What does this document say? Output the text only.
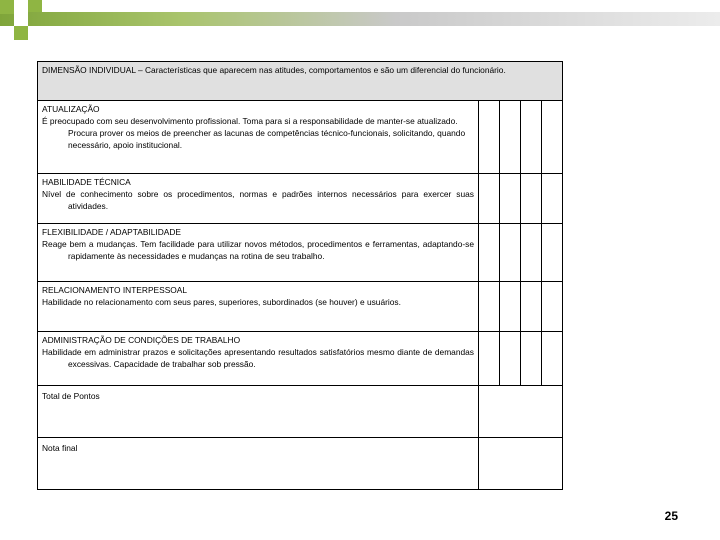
DIMENSÃO INDIVIDUAL – Características que aparecem nas atitudes, comportamentos e são um diferencial do funcionário.				

ATUALIZAÇÃO
É preocupado com seu desenvolvimento profissional. Toma para si a responsabilidade de manter-se atualizado. Procura prover os meios de preencher as lacunas de competências técnico-funcionais, solicitando, quando necessário, apoio institucional.				

HABILIDADE TÉCNICA
Nível de conhecimento sobre os procedimentos, normas e padrões internos necessários para exercer suas atividades.				

FLEXIBILIDADE / ADAPTABILIDADE
Reage bem a mudanças. Tem facilidade para utilizar novos métodos, procedimentos e ferramentas, adaptando-se rapidamente às necessidades e mudanças na rotina de seu trabalho.				

RELACIONAMENTO INTERPESSOAL
Habilidade no relacionamento com seus pares, superiores, subordinados (se houver) e usuários.				

ADMINISTRAÇÃO DE CONDIÇÕES DE TRABALHO
Habilidade em administrar prazos e solicitações apresentando resultados satisfatórios mesmo diante de demandas excessivas. Capacidade de trabalhar sob pressão.				

Total de Pontos				
Nota final				
25
